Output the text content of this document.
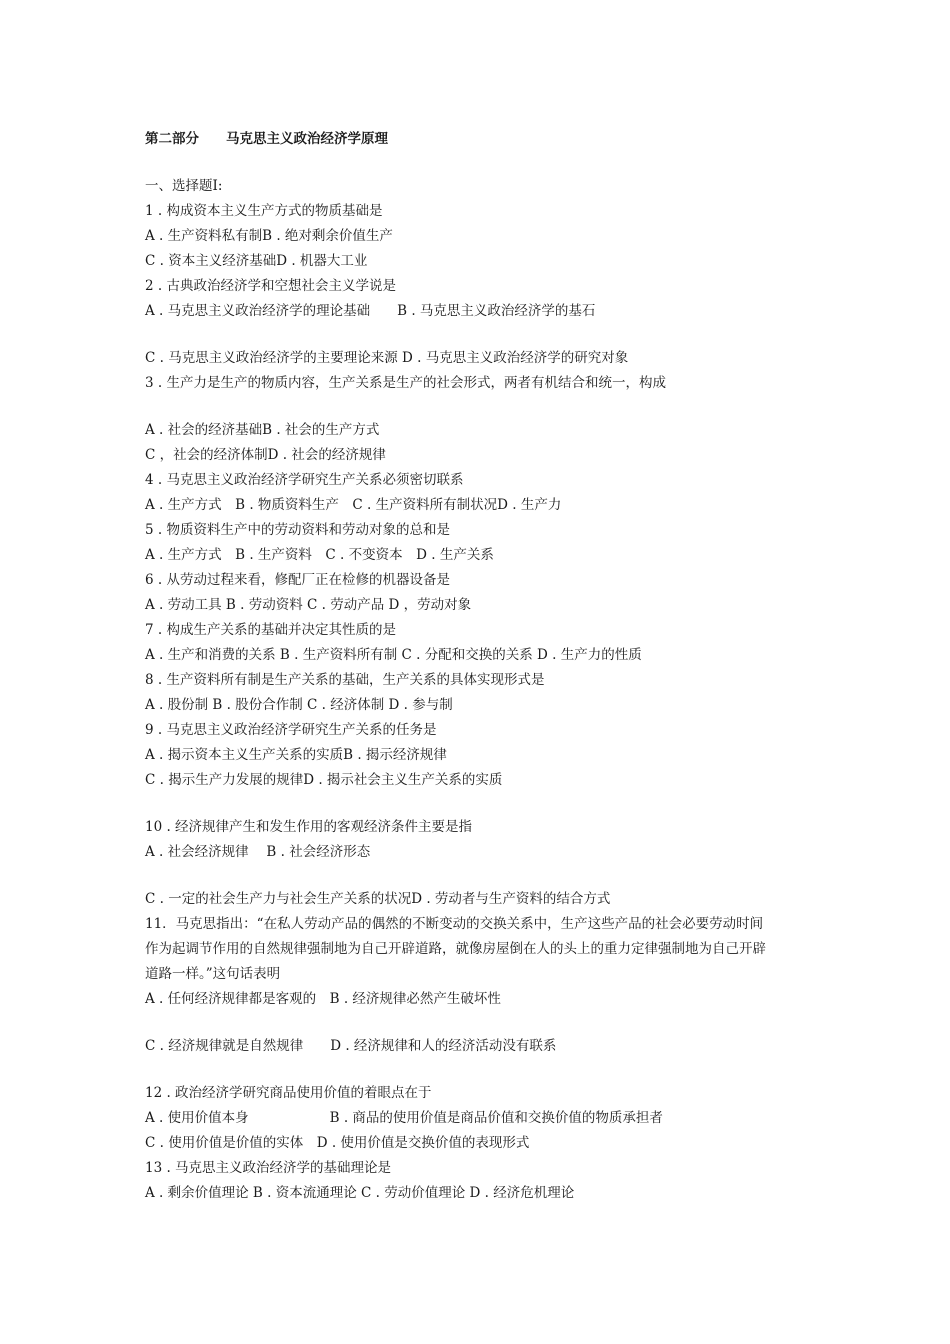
第二部分　　马克思主义政治经济学原理
一、选择题Ⅰ:
1 . 构成资本主义生产方式的物质基础是
A . 生产资料私有制B . 绝对剩余价值生产
C . 资本主义经济基础D . 机器大工业
2 . 古典政治经济学和空想社会主义学说是
A . 马克思主义政治经济学的理论基础　　B . 马克思主义政治经济学的基石
C . 马克思主义政治经济学的主要理论来源 D . 马克思主义政治经济学的研究对象
3 . 生产力是生产的物质内容，生产关系是生产的社会形式，两者有机结合和统一，构成
A . 社会的经济基础B . 社会的生产方式
C ，社会的经济体制D . 社会的经济规律
4 . 马克思主义政治经济学研究生产关系必须密切联系
A . 生产方式　B . 物质资料生产　C . 生产资料所有制状况D . 生产力
5 . 物质资料生产中的劳动资料和劳动对象的总和是
A . 生产方式　B . 生产资料　C . 不变资本　D . 生产关系
6 . 从劳动过程来看，修配厂正在检修的机器设备是
A . 劳动工具 B . 劳动资料 C . 劳动产品 D ，劳动对象
7 . 构成生产关系的基础并决定其性质的是
A . 生产和消费的关系 B . 生产资料所有制 C . 分配和交换的关系 D . 生产力的性质
8 . 生产资料所有制是生产关系的基础，生产关系的具体实现形式是
A . 股份制 B . 股份合作制 C . 经济体制 D . 参与制
9 . 马克思主义政治经济学研究生产关系的任务是
A . 揭示资本主义生产关系的实质B . 揭示经济规律
C . 揭示生产力发展的规律D . 揭示社会主义生产关系的实质
10 . 经济规律产生和发生作用的客观经济条件主要是指
A . 社会经济规律　 B . 社会经济形态
C . 一定的社会生产力与社会生产关系的状况D . 劳动者与生产资料的结合方式
11．马克思指出：“在私人劳动产品的偶然的不断变动的交换关系中，生产这些产品的社会必要劳动时间
作为起调节作用的自然规律强制地为自己开辟道路，就像房屋倒在人的头上的重力定律强制地为自己开辟
道路一样。”这句话表明
A . 任何经济规律都是客观的　B . 经济规律必然产生破坏性
C . 经济规律就是自然规律　　D . 经济规律和人的经济活动没有联系
12 . 政治经济学研究商品使用价值的着眼点在于
A . 使用价值本身　　　　　　B . 商品的使用价值是商品价值和交换价值的物质承担者
C . 使用价值是价值的实体　D . 使用价值是交换价值的表现形式
13 . 马克思主义政治经济学的基础理论是
A . 剩余价值理论 B . 资本流通理论 C . 劳动价值理论 D . 经济危机理论
